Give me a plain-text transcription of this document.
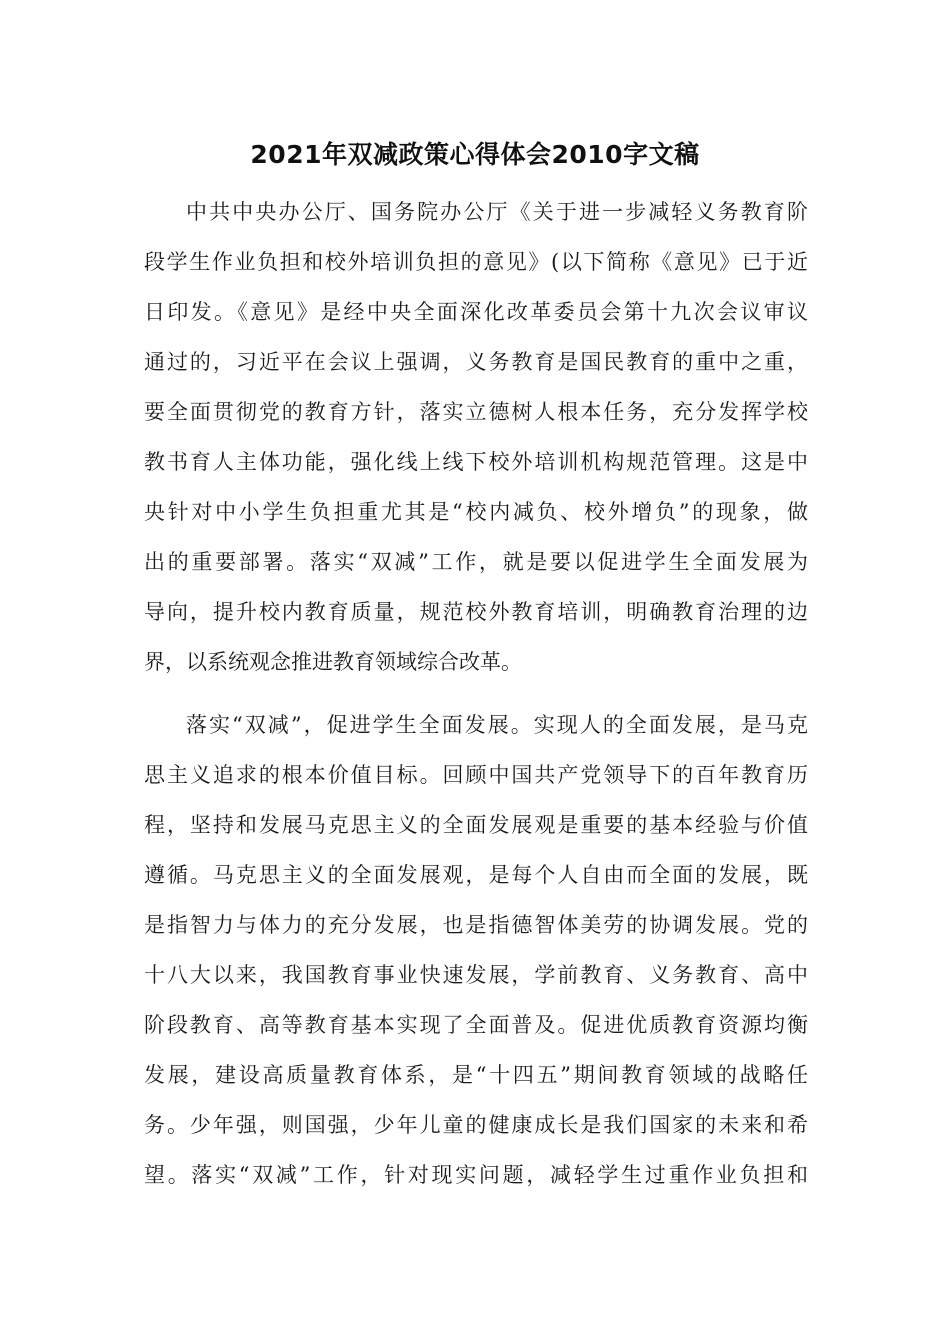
2021年双减政策心得体会2010字文稿
中共中央办公厅、国务院办公厅《关于进一步减轻义务教育阶
段学生作业负担和校外培训负担的意见》(以下简称《意见》已于近
日印发。《意见》是经中央全面深化改革委员会第十九次会议审议
通过的，习近平在会议上强调，义务教育是国民教育的重中之重，
要全面贯彻党的教育方针，落实立德树人根本任务，充分发挥学校
教书育人主体功能，强化线上线下校外培训机构规范管理。这是中
央针对中小学生负担重尤其是“校内减负、校外增负”的现象，做
出的重要部署。落实“双减”工作，就是要以促进学生全面发展为
导向，提升校内教育质量，规范校外教育培训，明确教育治理的边
界，以系统观念推进教育领域综合改革。
落实“双减”，促进学生全面发展。实现人的全面发展，是马克
思主义追求的根本价值目标。回顾中国共产党领导下的百年教育历
程，坚持和发展马克思主义的全面发展观是重要的基本经验与价值
遵循。马克思主义的全面发展观，是每个人自由而全面的发展，既
是指智力与体力的充分发展，也是指德智体美劳的协调发展。党的
十八大以来，我国教育事业快速发展，学前教育、义务教育、高中
阶段教育、高等教育基本实现了全面普及。促进优质教育资源均衡
发展，建设高质量教育体系，是“十四五”期间教育领域的战略任
务。少年强，则国强，少年儿童的健康成长是我们国家的未来和希
望。落实“双减”工作，针对现实问题，减轻学生过重作业负担和
